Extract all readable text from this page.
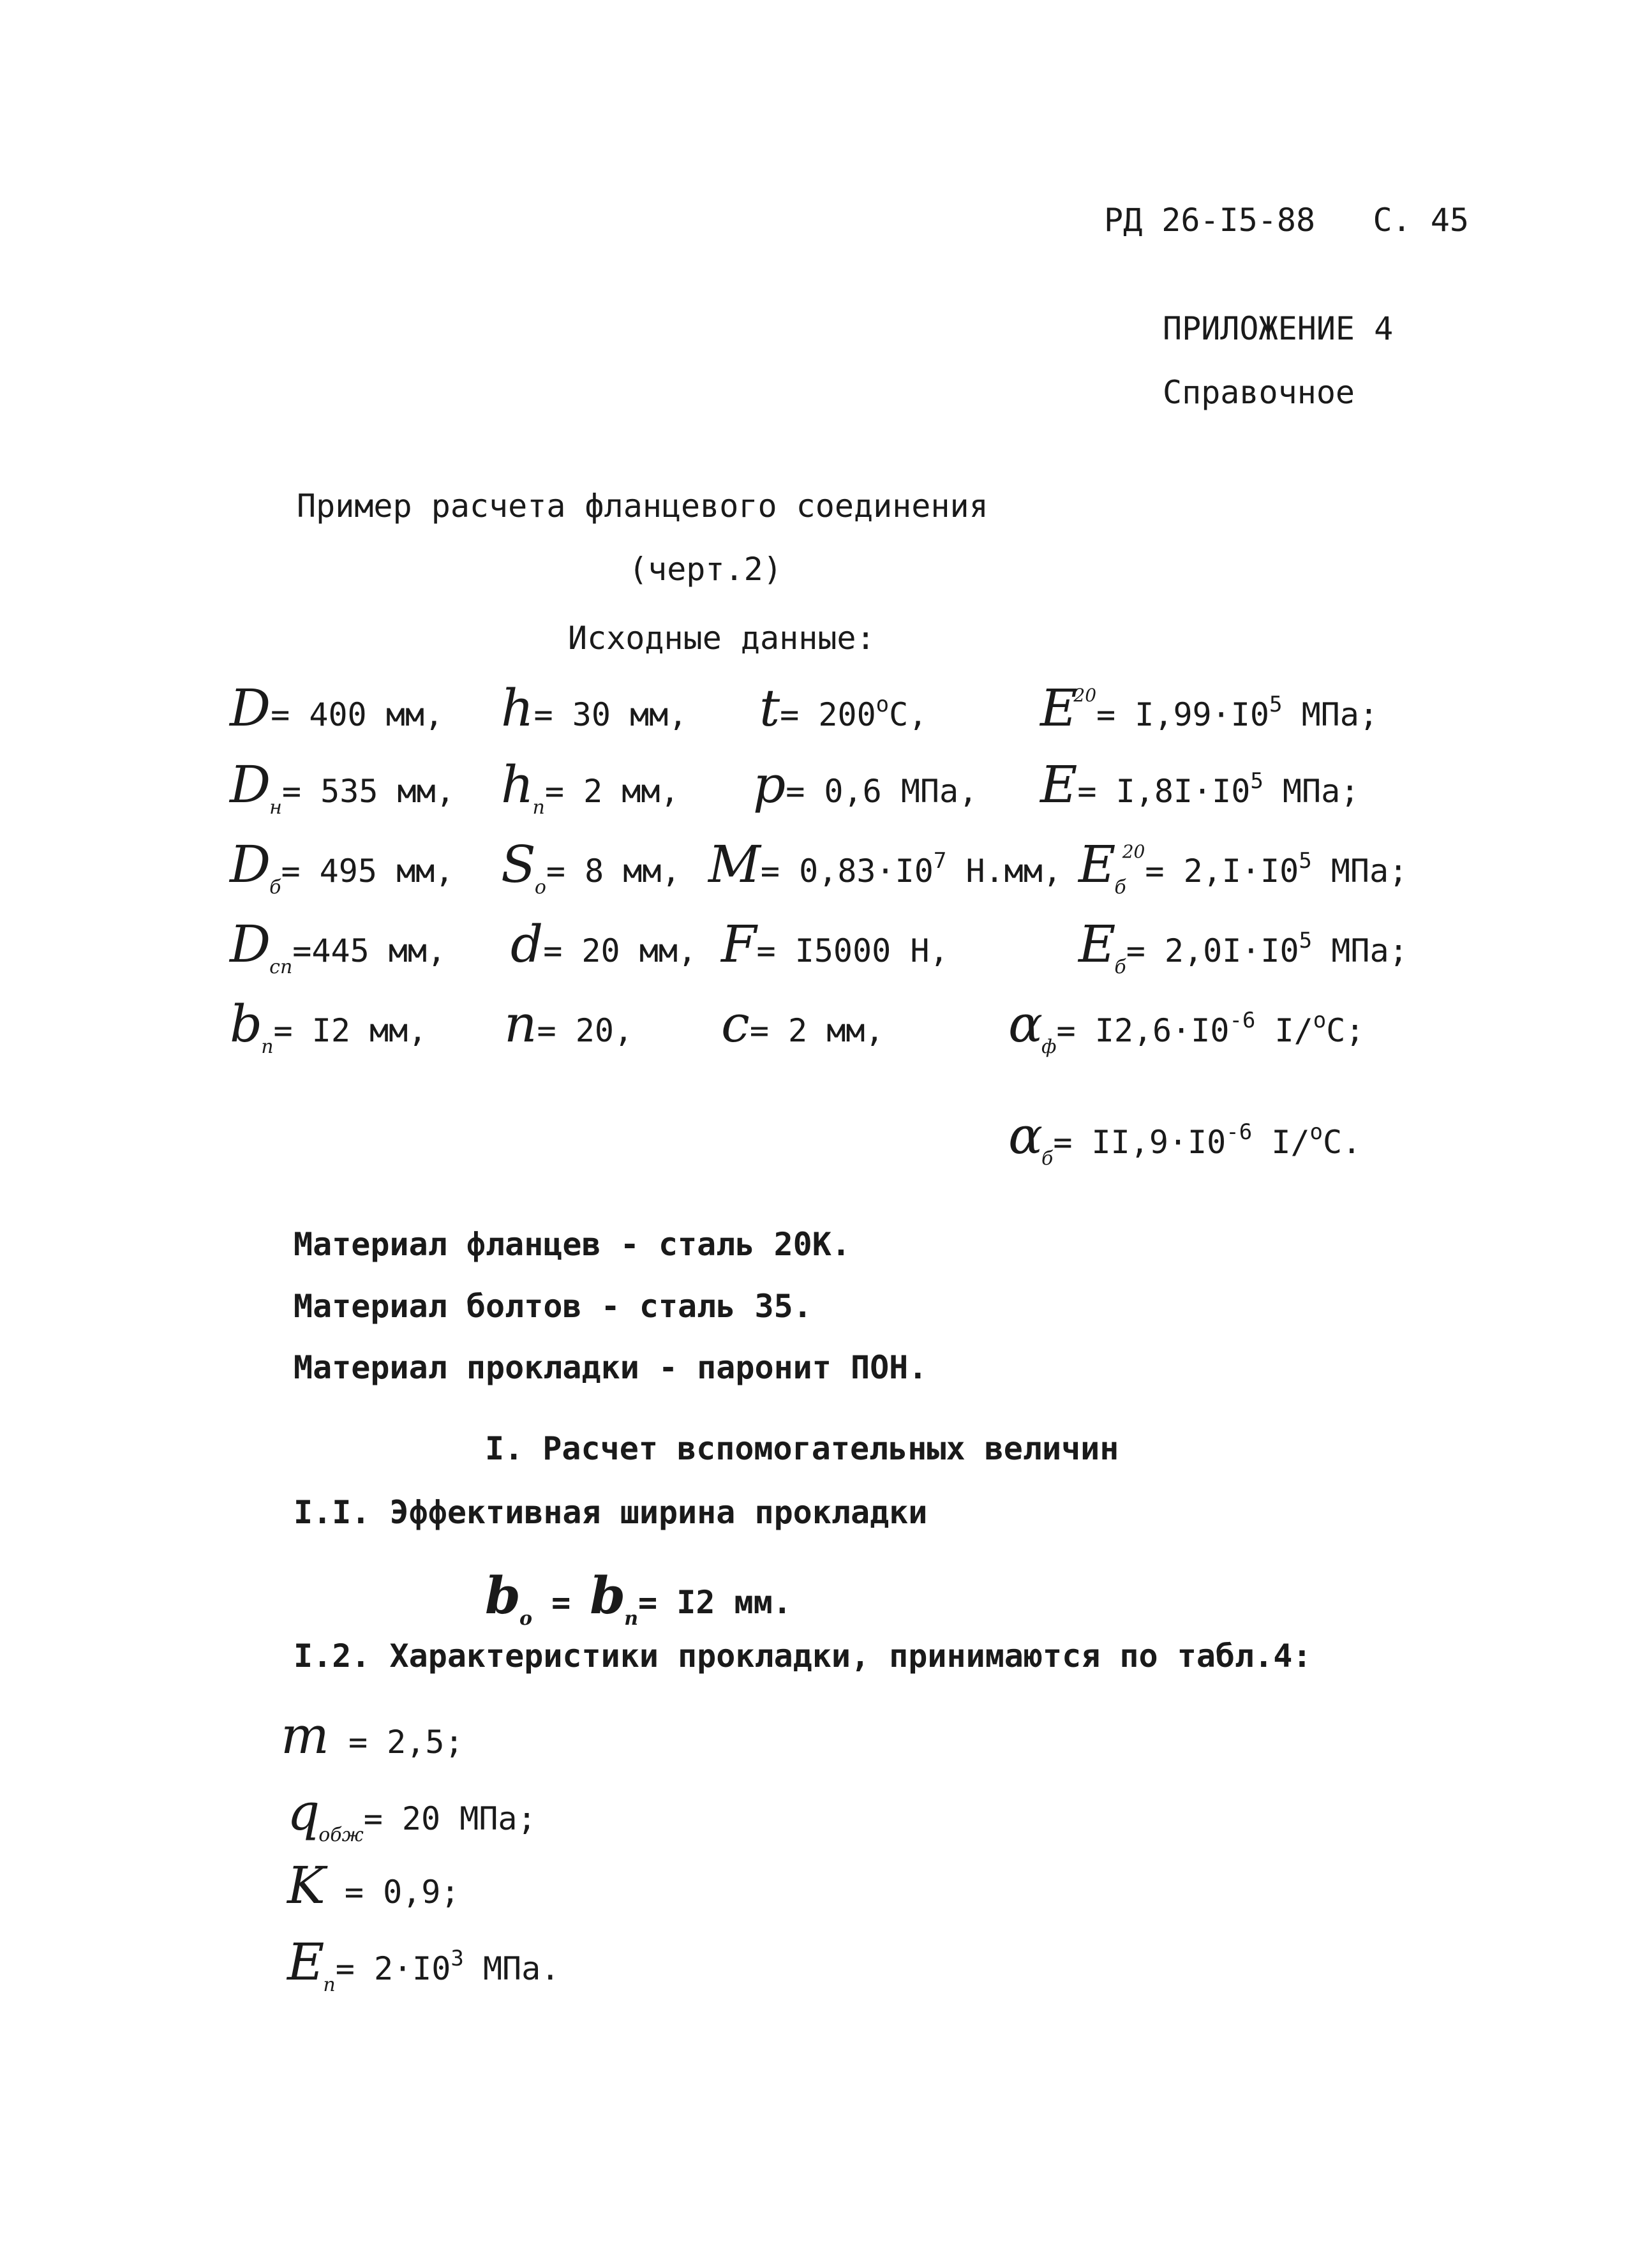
РД 26-І5-88 С. 45
ПРИЛОЖЕНИЕ 4
Справочное
Пример расчета фланцевого соединения
(черт.2)
Исходные данные:
D= 400 мм, h= 30 мм, $t= 200^oС$, $E^{20}= І,99\cdot І0^5$ МПа;
$D_н= 535$ мм, $h_п= 2$ мм, p= 0,6 МПа, $E= І,8І\cdot І0^5$ МПа;
$D_б= 495$ мм, $S_о= 8$ мм, $M= 0,83\cdot І0^7$ Н.мм, $E_б^{20}= 2,І\cdot І0^5$ МПа;
$D_{сп}=445$ мм, d= 20 мм, F= І5000 Н,	$E_б= 2,0І\cdot І0^5$ МПа;
$b_п= І2$ мм, n= 20, c= 2 мм, $\alpha_ф= І2,6\cdot І0^{-6}$ І/$^o$С;
$\alpha_б= ІІ,9\cdot І0^{-6}$ І/$^o$С.
Материал фланцев - сталь 20К.
Материал болтов - сталь 35.
Материал прокладки - паронит ПОН.
І. Расчет вспомогательных величин
І.І. Эффективная ширина прокладки
$b_о = b_п= І2$ мм.
І.2. Характеристики прокладки, принимаются по табл.4:
m = 2,5;
$q_{обж}= 20$ МПа;
K = 0,9;
$E_п= 2\cdot І0^3$ МПа.
